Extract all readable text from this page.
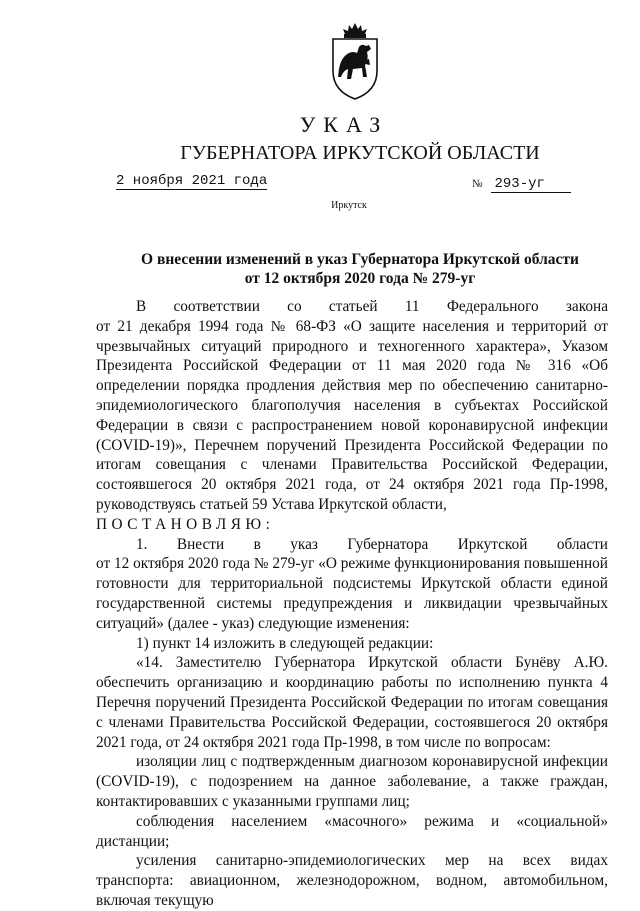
УКАЗ
ГУБЕРНАТОРА ИРКУТСКОЙ ОБЛАСТИ
2 ноября 2021 года	№ 293-уг
Иркутск
О внесении изменений в указ Губернатора Иркутской области
от 12 октября 2020 года № 279-уг

В соответствии со статьей 11 Федерального закона

от 21 декабря 1994 года № 68-ФЗ «О защите населения и территорий от чрезвычайных ситуаций природного и техногенного характера», Указом Президента Российской Федерации от 11 мая 2020 года № 316 «Об определении порядка продления действия мер по обеспечению санитарно-эпидемиологического благополучия населения в субъектах Российской Федерации в связи с распространением новой коронавирусной инфекции (COVID-19)», Перечнем поручений Президента Российской Федерации по итогам совещания с членами Правительства Российской Федерации, состоявшегося 20 октября 2021 года, от 24 октября 2021 года Пр-1998, руководствуясь статьей 59 Устава Иркутской области,

ПОСТАНОВЛЯЮ:

1. Внести в указ Губернатора Иркутской области

от 12 октября 2020 года № 279-уг «О режиме функционирования повышенной готовности для территориальной подсистемы Иркутской области единой государственной системы предупреждения и ликвидации чрезвычайных ситуаций» (далее - указ) следующие изменения:

1) пункт 14 изложить в следующей редакции:

«14. Заместителю Губернатора Иркутской области Бунёву А.Ю. обеспечить организацию и координацию работы по исполнению пункта 4 Перечня поручений Президента Российской Федерации по итогам совещания с членами Правительства Российской Федерации, состоявшегося 20 октября 2021 года, от 24 октября 2021 года Пр-1998, в том числе по вопросам:

изоляции лиц с подтвержденным диагнозом коронавирусной инфекции (COVID-19), с подозрением на данное заболевание, а также граждан, контактировавших с указанными группами лиц;

соблюдения населением «масочного» режима и «социальной» дистанции;

усиления санитарно-эпидемиологических мер на всех видах транспорта: авиационном, железнодорожном, водном, автомобильном, включая текущую
